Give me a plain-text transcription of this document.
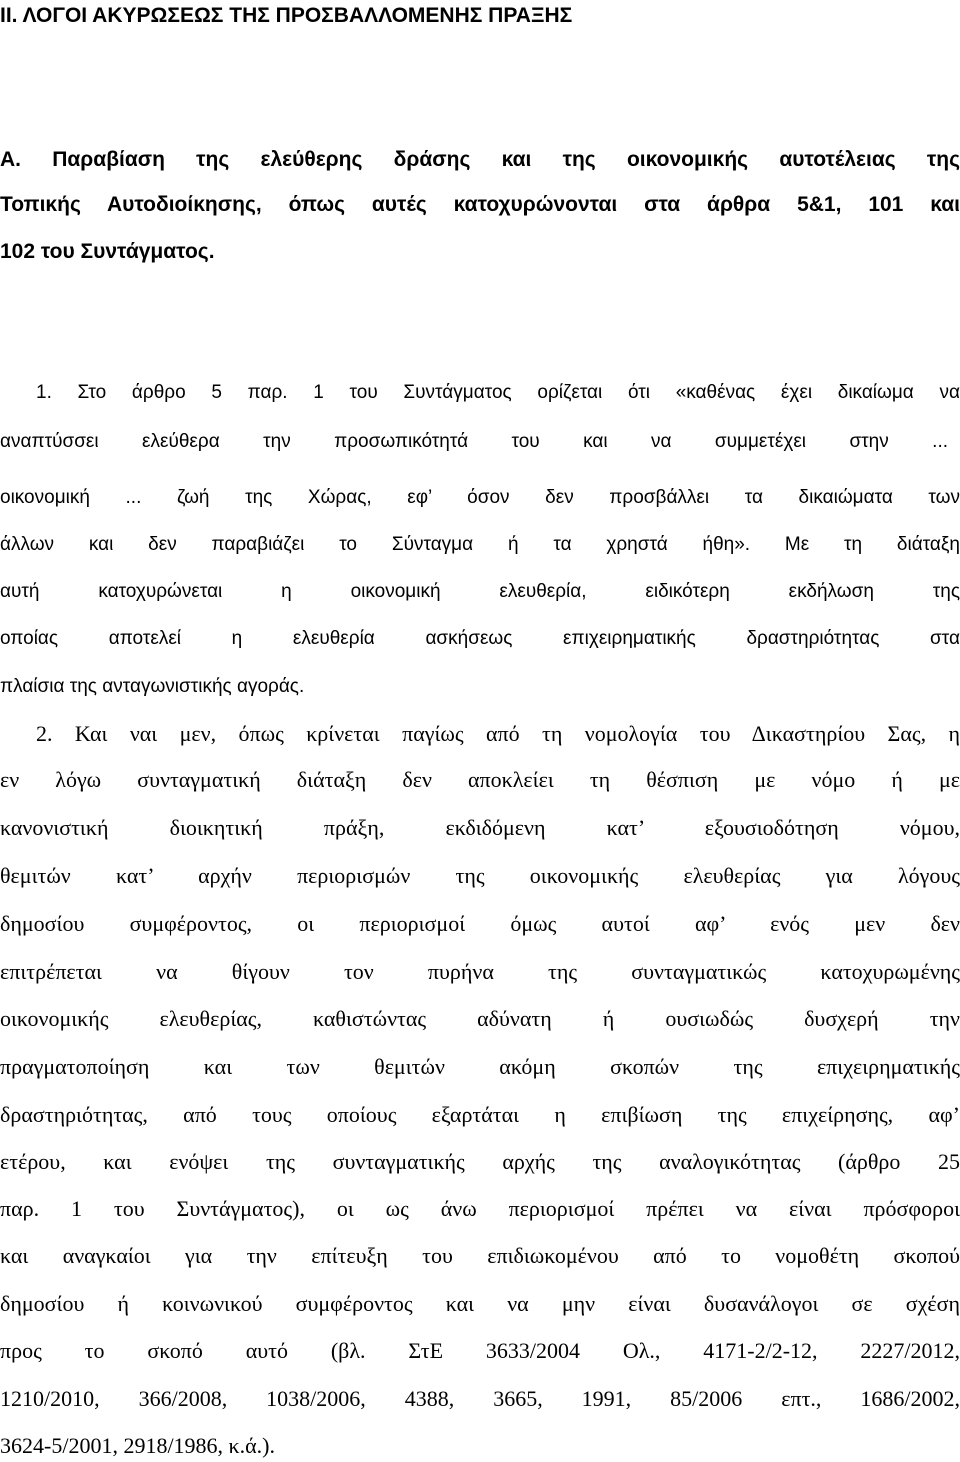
ΙΙ. ΛΟΓΟΙ ΑΚΥΡΩΣΕΩΣ ΤΗΣ ΠΡΟΣΒΑΛΛΟΜΕΝΗΣ ΠΡΑΞΗΣ
Α. Παραβίαση της ελεύθερης δράσης και της οικονομικής αυτοτέλειας της
Τοπικής Αυτοδιοίκησης, όπως αυτές κατοχυρώνονται στα άρθρα 5&1, 101 και
102 του Συντάγματος.
1. Στο άρθρο 5 παρ. 1 του Συντάγματος ορίζεται ότι «καθένας έχει δικαίωμα να
αναπτύσσει ελεύθερα την προσωπικότητά του και να συμμετέχει στην ...
οικονομική ... ζωή της Χώρας, εφ’ όσον δεν προσβάλλει τα δικαιώματα των
άλλων και δεν παραβιάζει το Σύνταγμα ή τα χρηστά ήθη». Με τη διάταξη
αυτή κατοχυρώνεται η οικονομική ελευθερία, ειδικότερη εκδήλωση της
οποίας αποτελεί η ελευθερία ασκήσεως επιχειρηματικής δραστηριότητας στα
πλαίσια της ανταγωνιστικής αγοράς.
2. Και ναι μεν, όπως κρίνεται παγίως από τη νομολογία του Δικαστηρίου Σας, η
εν λόγω συνταγματική διάταξη δεν αποκλείει τη θέσπιση με νόμο ή με
κανονιστική διοικητική πράξη, εκδιδόμενη κατ’ εξουσιοδότηση νόμου,
θεμιτών κατ’ αρχήν περιορισμών της οικονομικής ελευθερίας για λόγους
δημοσίου συμφέροντος, οι περιορισμοί όμως αυτοί αφ’ ενός μεν δεν
επιτρέπεται να θίγουν τον πυρήνα της συνταγματικώς κατοχυρωμένης
οικονομικής ελευθερίας, καθιστώντας αδύνατη ή ουσιωδώς δυσχερή την
πραγματοποίηση και των θεμιτών ακόμη σκοπών της επιχειρηματικής
δραστηριότητας, από τους οποίους εξαρτάται η επιβίωση της επιχείρησης, αφ’
ετέρου, και ενόψει της συνταγματικής αρχής της αναλογικότητας (άρθρο 25
παρ. 1 του Συντάγματος), οι ως άνω περιορισμοί πρέπει να είναι πρόσφοροι
και αναγκαίοι για την επίτευξη του επιδιωκομένου από το νομοθέτη σκοπού
δημοσίου ή κοινωνικού συμφέροντος και να μην είναι δυσανάλογοι σε σχέση
προς το σκοπό αυτό (βλ. ΣτΕ 3633/2004 Ολ., 4171-2/2-12, 2227/2012,
1210/2010, 366/2008, 1038/2006, 4388, 3665, 1991, 85/2006 επτ., 1686/2002,
3624-5/2001, 2918/1986, κ.ά.).
